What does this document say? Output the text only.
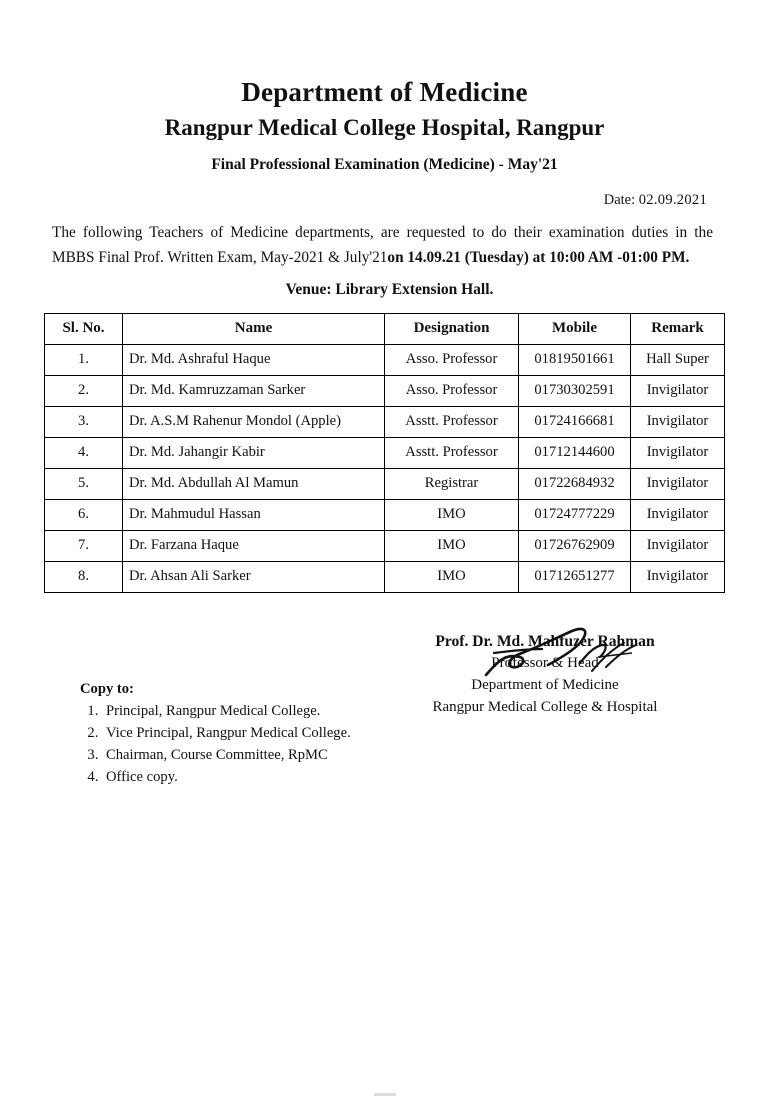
Department of Medicine
Rangpur Medical College Hospital, Rangpur
Final Professional Examination (Medicine) - May'21
Date: 02.09.2021
The following Teachers of Medicine departments, are requested to do their examination duties in the MBBS Final Prof. Written Exam, May-2021 & July'21on 14.09.21 (Tuesday) at 10:00 AM -01:00 PM.
Venue: Library Extension Hall.
Sl. No.	Name	Designation	Mobile	Remark
1.	Dr. Md. Ashraful Haque	Asso. Professor	01819501661	Hall Super
2.	Dr. Md. Kamruzzaman Sarker	Asso. Professor	01730302591	Invigilator
3.	Dr. A.S.M Rahenur Mondol (Apple)	Asstt. Professor	01724166681	Invigilator
4.	Dr. Md. Jahangir Kabir	Asstt. Professor	01712144600	Invigilator
5.	Dr. Md. Abdullah Al Mamun	Registrar	01722684932	Invigilator
6.	Dr. Mahmudul Hassan	IMO	01724777229	Invigilator
7.	Dr. Farzana Haque	IMO	01726762909	Invigilator
8.	Dr. Ahsan Ali Sarker	IMO	01712651277	Invigilator
Prof. Dr. Md. Mahfuzer Rahman
Professor & Head
Department of Medicine
Rangpur Medical College & Hospital
Copy to:
1. Principal, Rangpur Medical College.
2. Vice Principal, Rangpur Medical College.
3. Chairman, Course Committee, RpMC
4. Office copy.
